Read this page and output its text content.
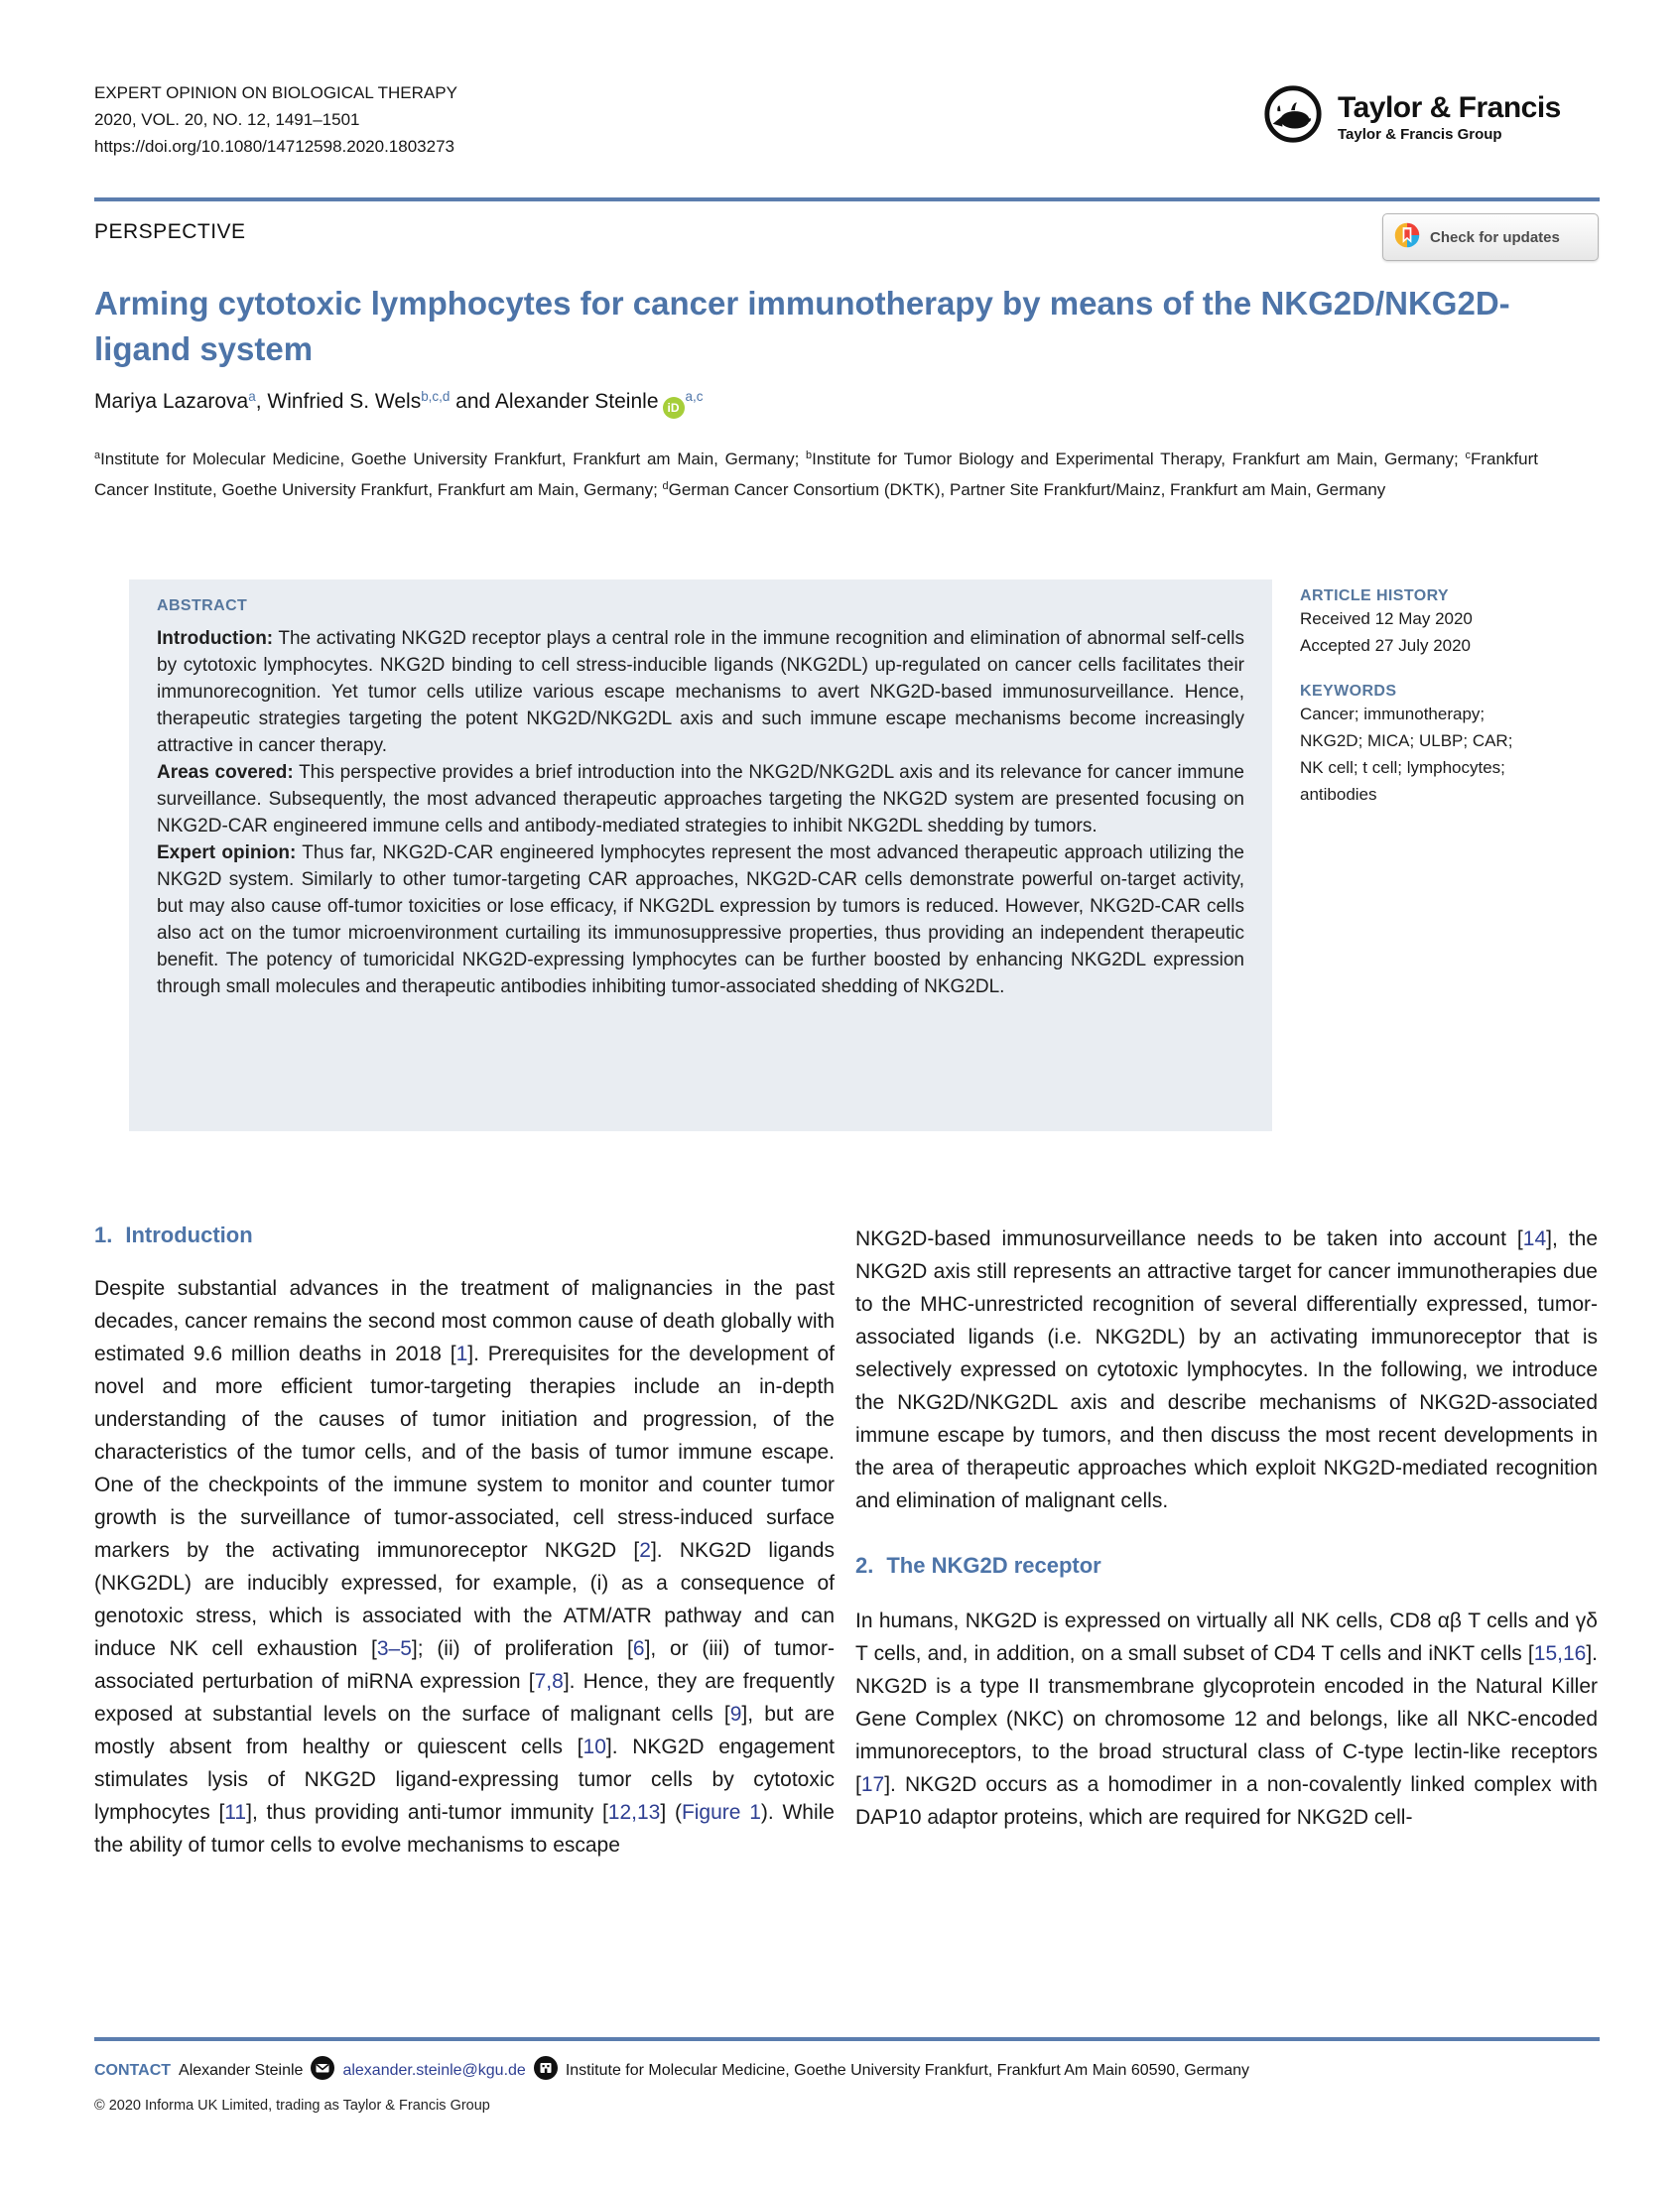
EXPERT OPINION ON BIOLOGICAL THERAPY
2020, VOL. 20, NO. 12, 1491–1501
https://doi.org/10.1080/14712598.2020.1803273
Taylor & Francis
Taylor & Francis Group
PERSPECTIVE	Check for updates
Arming cytotoxic lymphocytes for cancer immunotherapy by means of the NKG2D/NKG2D-ligand system
Mariya Lazarova$^a$, Winfried S. Wels$^{b,c,d}$ and Alexander Steinle iD$^{a,c}$
$^a$Institute for Molecular Medicine, Goethe University Frankfurt, Frankfurt am Main, Germany; $^b$Institute for Tumor Biology and Experimental Therapy, Frankfurt am Main, Germany; $^c$Frankfurt Cancer Institute, Goethe University Frankfurt, Frankfurt am Main, Germany; $^d$German Cancer Consortium (DKTK), Partner Site Frankfurt/Mainz, Frankfurt am Main, Germany
ABSTRACT

Introduction: The activating NKG2D receptor plays a central role in the immune recognition and elimination of abnormal self-cells by cytotoxic lymphocytes. NKG2D binding to cell stress-inducible ligands (NKG2DL) up-regulated on cancer cells facilitates their immunorecognition. Yet tumor cells utilize various escape mechanisms to avert NKG2D-based immunosurveillance. Hence, therapeutic strategies targeting the potent NKG2D/NKG2DL axis and such immune escape mechanisms become increasingly attractive in cancer therapy.

Areas covered: This perspective provides a brief introduction into the NKG2D/NKG2DL axis and its relevance for cancer immune surveillance. Subsequently, the most advanced therapeutic approaches targeting the NKG2D system are presented focusing on NKG2D-CAR engineered immune cells and antibody-mediated strategies to inhibit NKG2DL shedding by tumors.

Expert opinion: Thus far, NKG2D-CAR engineered lymphocytes represent the most advanced therapeutic approach utilizing the NKG2D system. Similarly to other tumor-targeting CAR approaches, NKG2D-CAR cells demonstrate powerful on-target activity, but may also cause off-tumor toxicities or lose efficacy, if NKG2DL expression by tumors is reduced. However, NKG2D-CAR cells also act on the tumor microenvironment curtailing its immunosuppressive properties, thus providing an independent therapeutic benefit. The potency of tumoricidal NKG2D-expressing lymphocytes can be further boosted by enhancing NKG2DL expression through small molecules and therapeutic antibodies inhibiting tumor-associated shedding of NKG2DL.

ARTICLE HISTORY
Received 12 May 2020
Accepted 27 July 2020
KEYWORDS
Cancer; immunotherapy; NKG2D; MICA; ULBP; CAR; NK cell; t cell; lymphocytes; antibodies
1. Introduction

Despite substantial advances in the treatment of malignancies in the past decades, cancer remains the second most common cause of death globally with estimated 9.6 million deaths in 2018 [1]. Prerequisites for the development of novel and more efficient tumor-targeting therapies include an in-depth understanding of the causes of tumor initiation and progression, of the characteristics of the tumor cells, and of the basis of tumor immune escape. One of the checkpoints of the immune system to monitor and counter tumor growth is the surveillance of tumor-associated, cell stress-induced surface markers by the activating immunoreceptor NKG2D [2]. NKG2D ligands (NKG2DL) are inducibly expressed, for example, (i) as a consequence of genotoxic stress, which is associated with the ATM/ATR pathway and can induce NK cell exhaustion [3–5]; (ii) of proliferation [6], or (iii) of tumor-associated perturbation of miRNA expression [7,8]. Hence, they are frequently exposed at substantial levels on the surface of malignant cells [9], but are mostly absent from healthy or quiescent cells [10]. NKG2D engagement stimulates lysis of NKG2D ligand-expressing tumor cells by cytotoxic lymphocytes [11], thus providing anti-tumor immunity [12,13] (Figure 1). While the ability of tumor cells to evolve mechanisms to escape

NKG2D-based immunosurveillance needs to be taken into account [14], the NKG2D axis still represents an attractive target for cancer immunotherapies due to the MHC-unrestricted recognition of several differentially expressed, tumor-associated ligands (i.e. NKG2DL) by an activating immunoreceptor that is selectively expressed on cytotoxic lymphocytes. In the following, we introduce the NKG2D/NKG2DL axis and describe mechanisms of NKG2D-associated immune escape by tumors, and then discuss the most recent developments in the area of therapeutic approaches which exploit NKG2D-mediated recognition and elimination of malignant cells.

2. The NKG2D receptor

In humans, NKG2D is expressed on virtually all NK cells, CD8 αβ T cells and γδ T cells, and, in addition, on a small subset of CD4 T cells and iNKT cells [15,16]. NKG2D is a type II transmembrane glycoprotein encoded in the Natural Killer Gene Complex (NKC) on chromosome 12 and belongs, like all NKC-encoded immunoreceptors, to the broad structural class of C-type lectin-like receptors [17]. NKG2D occurs as a homodimer in a non-covalently linked complex with DAP10 adaptor proteins, which are required for NKG2D cell-

CONTACT Alexander Steinle	alexander.steinle@kgu.de	Institute for Molecular Medicine, Goethe University Frankfurt, Frankfurt Am Main 60590, Germany
© 2020 Informa UK Limited, trading as Taylor & Francis Group
